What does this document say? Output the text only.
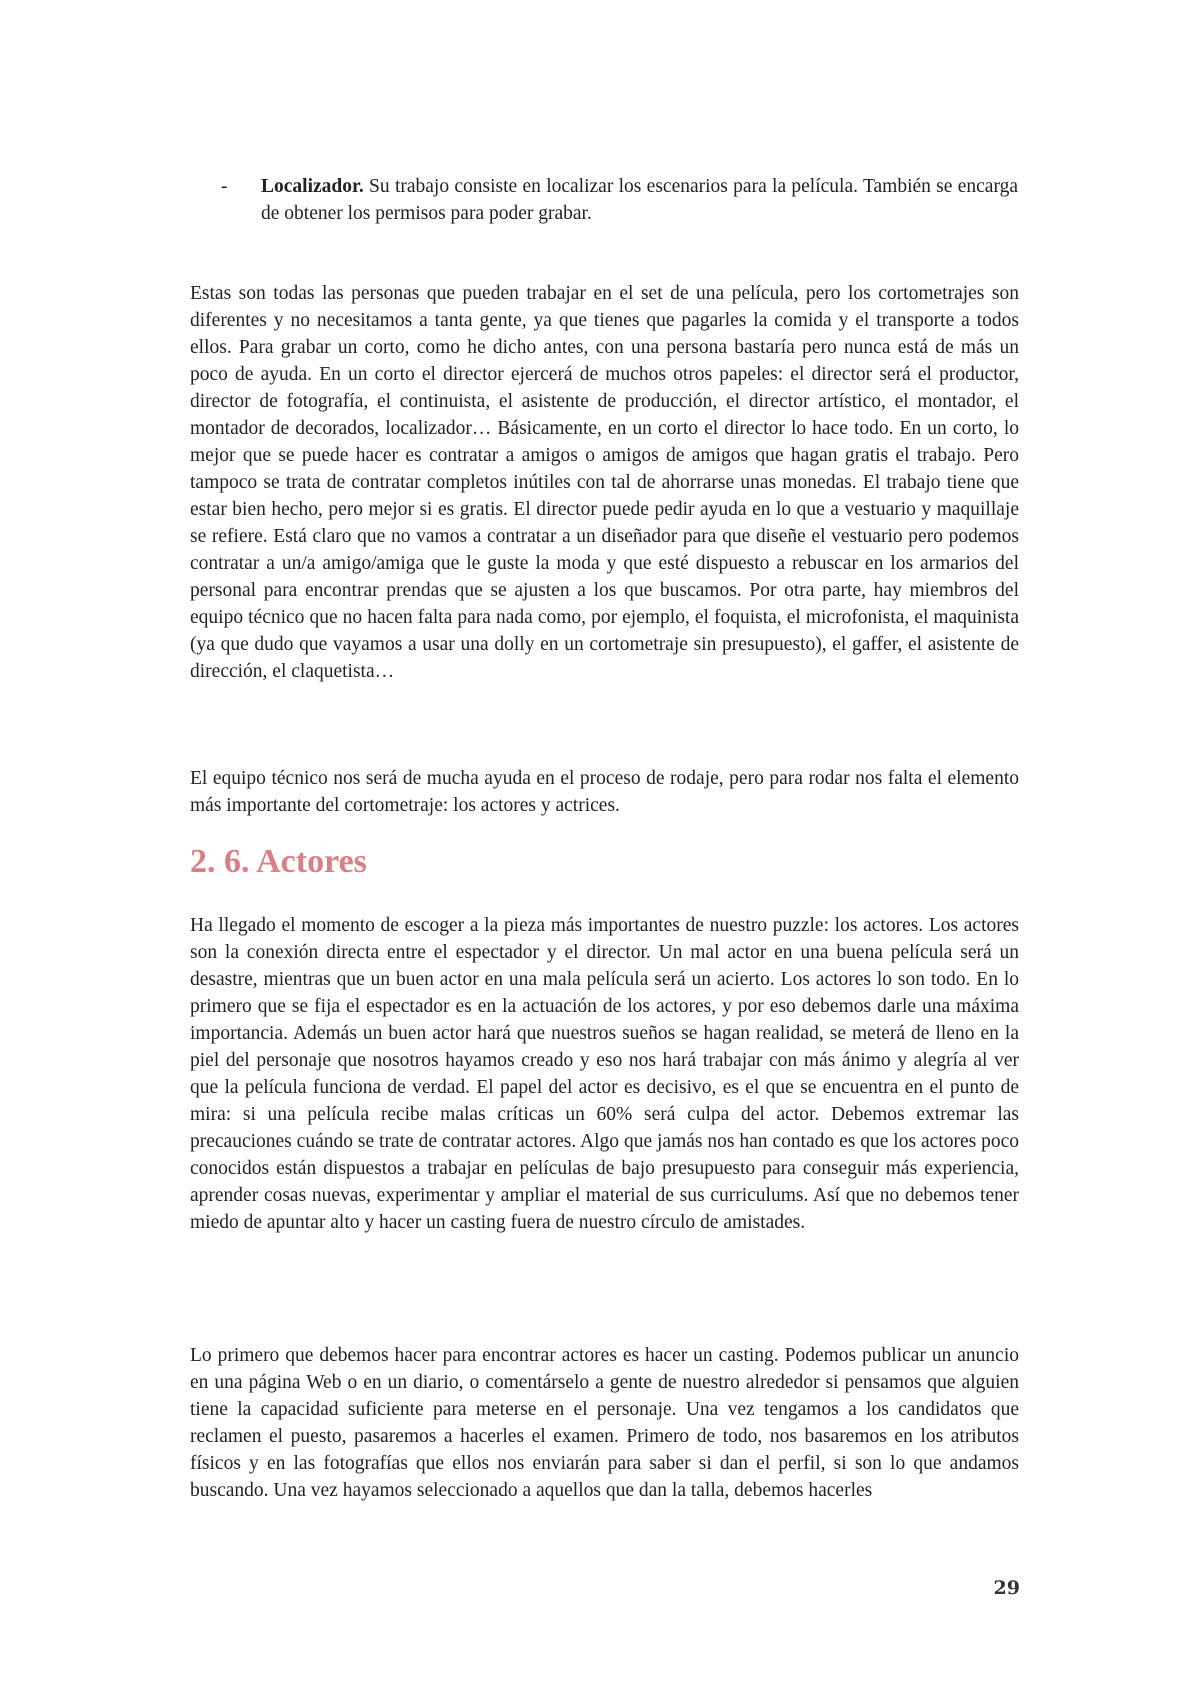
-	Localizador. Su trabajo consiste en localizar los escenarios para la película. También se encarga de obtener los permisos para poder grabar.

Estas son todas las personas que pueden trabajar en el set de una película, pero los cortometrajes son diferentes y no necesitamos a tanta gente, ya que tienes que pagarles la comida y el transporte a todos ellos. Para grabar un corto, como he dicho antes, con una persona bastaría pero nunca está de más un poco de ayuda. En un corto el director ejercerá de muchos otros papeles: el director será el productor, director de fotografía, el continuista, el asistente de producción, el director artístico, el montador, el montador de decorados, localizador… Básicamente, en un corto el director lo hace todo. En un corto, lo mejor que se puede hacer es contratar a amigos o amigos de amigos que hagan gratis el trabajo. Pero tampoco se trata de contratar completos inútiles con tal de ahorrarse unas monedas. El trabajo tiene que estar bien hecho, pero mejor si es gratis. El director puede pedir ayuda en lo que a vestuario y maquillaje se refiere. Está claro que no vamos a contratar a un diseñador para que diseñe el vestuario pero podemos contratar a un/a amigo/amiga que le guste la moda y que esté dispuesto a rebuscar en los armarios del personal para encontrar prendas que se ajusten a los que buscamos. Por otra parte, hay miembros del equipo técnico que no hacen falta para nada como, por ejemplo, el foquista, el microfonista, el maquinista (ya que dudo que vayamos a usar una dolly en un cortometraje sin presupuesto), el gaffer, el asistente de dirección, el claquetista…

El equipo técnico nos será de mucha ayuda en el proceso de rodaje, pero para rodar nos falta el elemento más importante del cortometraje: los actores y actrices.

2. 6. Actores

Ha llegado el momento de escoger a la pieza más importantes de nuestro puzzle: los actores. Los actores son la conexión directa entre el espectador y el director. Un mal actor en una buena película será un desastre, mientras que un buen actor en una mala película será un acierto. Los actores lo son todo. En lo primero que se fija el espectador es en la actuación de los actores, y por eso debemos darle una máxima importancia. Además un buen actor hará que nuestros sueños se hagan realidad, se meterá de lleno en la piel del personaje que nosotros hayamos creado y eso nos hará trabajar con más ánimo y alegría al ver que la película funciona de verdad. El papel del actor es decisivo, es el que se encuentra en el punto de mira: si una película recibe malas críticas un 60% será culpa del actor. Debemos extremar las precauciones cuándo se trate de contratar actores. Algo que jamás nos han contado es que los actores poco conocidos están dispuestos a trabajar en películas de bajo presupuesto para conseguir más experiencia, aprender cosas nuevas, experimentar y ampliar el material de sus curriculums. Así que no debemos tener miedo de apuntar alto y hacer un casting fuera de nuestro círculo de amistades.

Lo primero que debemos hacer para encontrar actores es hacer un casting. Podemos publicar un anuncio en una página Web o en un diario, o comentárselo a gente de nuestro alrededor si pensamos que alguien tiene la capacidad suficiente para meterse en el personaje. Una vez tengamos a los candidatos que reclamen el puesto, pasaremos a hacerles el examen. Primero de todo, nos basaremos en los atributos físicos y en las fotografías que ellos nos enviarán para saber si dan el perfil, si son lo que andamos buscando. Una vez hayamos seleccionado a aquellos que dan la talla, debemos hacerles

29
